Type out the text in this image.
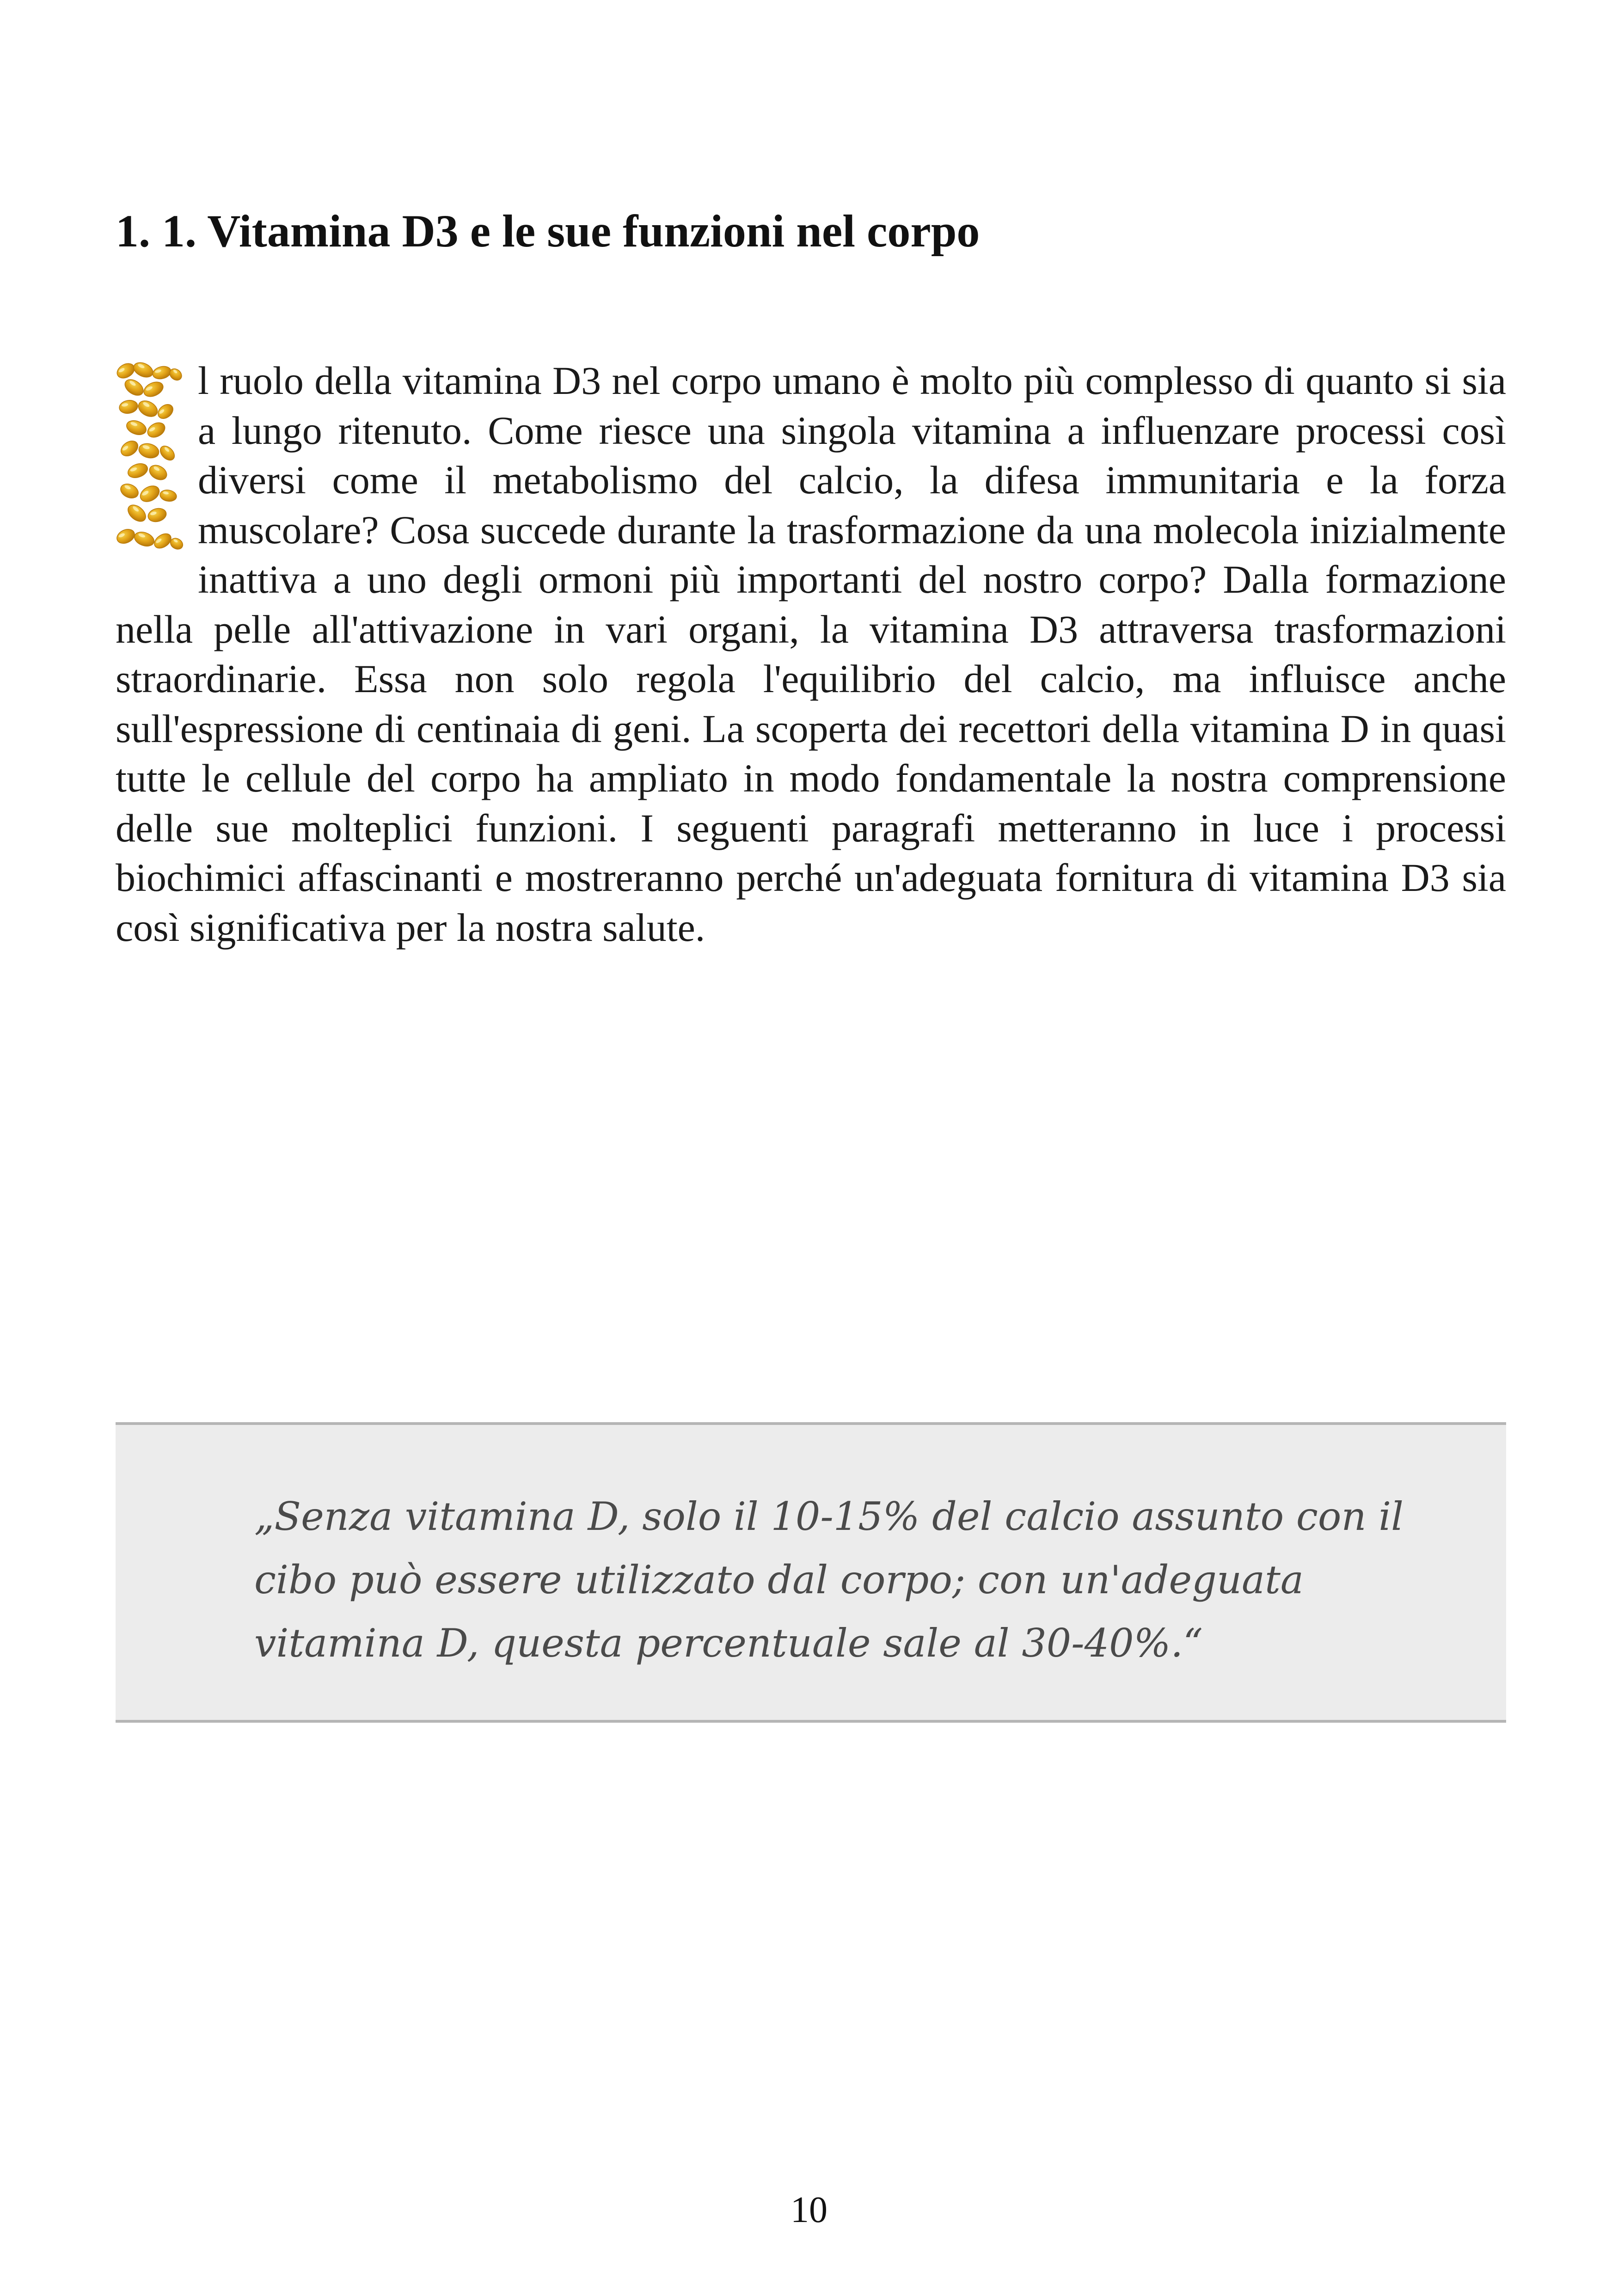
1. 1. Vitamina D3 e le sue funzioni nel corpo

l ruolo della vitamina D3 nel corpo umano è molto più complesso di quanto si sia a lungo ritenuto. Come riesce una singola vitamina a influenzare processi così diversi come il metabolismo del calcio, la difesa immunitaria e la forza muscolare? Cosa succede durante la trasformazione da una molecola inizialmente inattiva a uno degli ormoni più importanti del nostro corpo? Dalla formazione nella pelle all'attivazione in vari organi, la vitamina D3 attraversa trasformazioni straordinarie. Essa non solo regola l'equilibrio del calcio, ma influisce anche sull'espressione di centinaia di geni. La scoperta dei recettori della vitamina D in quasi tutte le cellule del corpo ha ampliato in modo fondamentale la nostra comprensione delle sue molteplici funzioni. I seguenti paragrafi metteranno in luce i processi biochimici affascinanti e mostreranno perché un'adeguata fornitura di vitamina D3 sia così significativa per la nostra salute.

„Senza vitamina D, solo il 10-15% del calcio assunto con il cibo può essere utilizzato dal corpo; con un'adeguata vitamina D, questa percentuale sale al 30-40%.“

10
